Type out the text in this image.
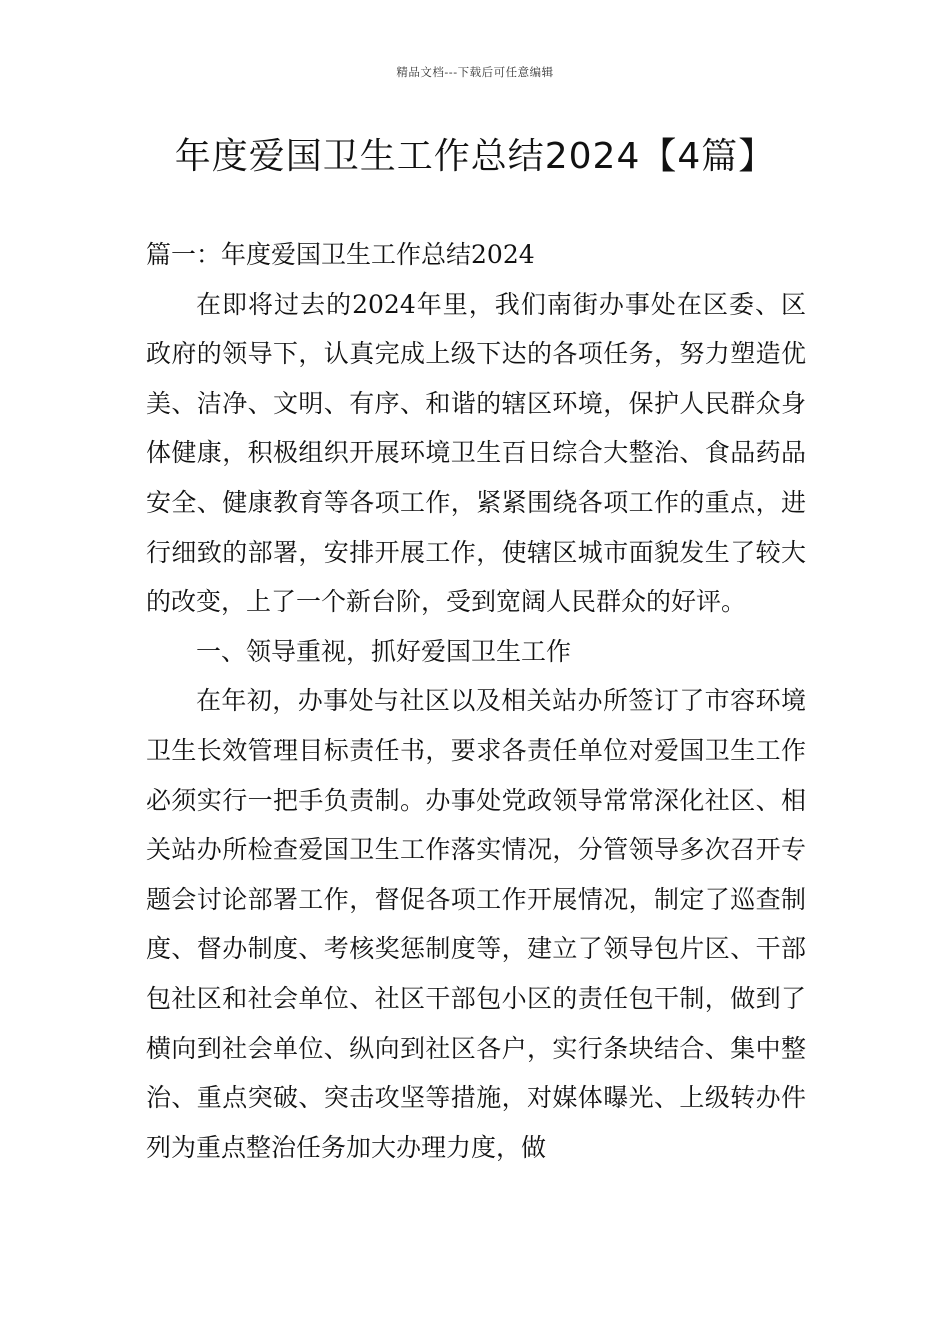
精品文档---下载后可任意编辑
年度爱国卫生工作总结2024【4篇】

篇一：年度爱国卫生工作总结2024

在即将过去的2024年里，我们南街办事处在区委、区政府的领导下，认真完成上级下达的各项任务，努力塑造优美、洁净、文明、有序、和谐的辖区环境，保护人民群众身体健康，积极组织开展环境卫生百日综合大整治、食品药品安全、健康教育等各项工作，紧紧围绕各项工作的重点，进行细致的部署，安排开展工作，使辖区城市面貌发生了较大的改变，上了一个新台阶，受到宽阔人民群众的好评。

一、领导重视，抓好爱国卫生工作

在年初，办事处与社区以及相关站办所签订了市容环境卫生长效管理目标责任书，要求各责任单位对爱国卫生工作必须实行一把手负责制。办事处党政领导常常深化社区、相关站办所检查爱国卫生工作落实情况，分管领导多次召开专题会讨论部署工作，督促各项工作开展情况，制定了巡查制度、督办制度、考核奖惩制度等，建立了领导包片区、干部包社区和社会单位、社区干部包小区的责任包干制，做到了横向到社会单位、纵向到社区各户，实行条块结合、集中整治、重点突破、突击攻坚等措施，对媒体曝光、上级转办件列为重点整治任务加大办理力度，做
